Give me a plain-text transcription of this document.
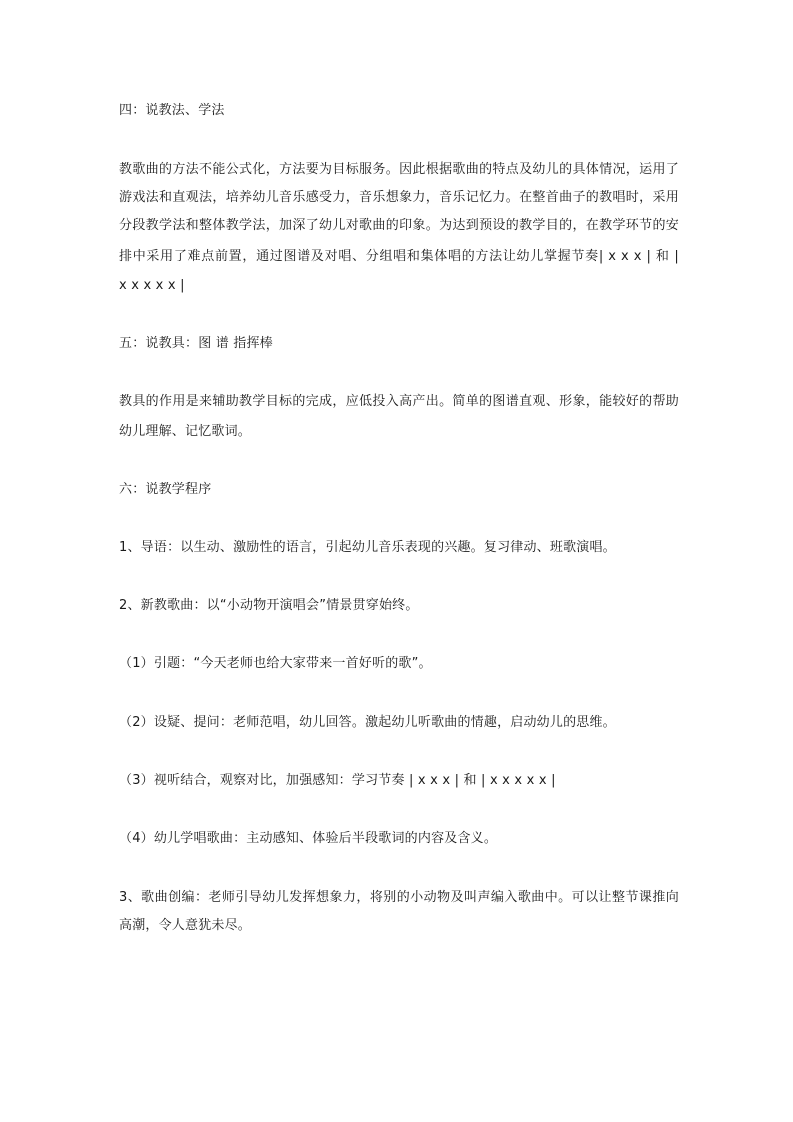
四：说教法、学法
教歌曲的方法不能公式化，方法要为目标服务。因此根据歌曲的特点及幼儿的具体情况，运用了
游戏法和直观法，培养幼儿音乐感受力，音乐想象力，音乐记忆力。在整首曲子的教唱时，采用
分段教学法和整体教学法，加深了幼儿对歌曲的印象。为达到预设的教学目的，在教学环节的安
排中采用了难点前置，通过图谱及对唱、分组唱和集体唱的方法让幼儿掌握节奏| x x x | 和 |
x x x x x |
五：说教具：图 谱 指挥棒
教具的作用是来辅助教学目标的完成，应低投入高产出。简单的图谱直观、形象，能较好的帮助
幼儿理解、记忆歌词。
六：说教学程序
1、导语：以生动、激励性的语言，引起幼儿音乐表现的兴趣。复习律动、班歌演唱。
2、新教歌曲：以“小动物开演唱会”情景贯穿始终。
（1）引题：“今天老师也给大家带来一首好听的歌”。
（2）设疑、提问：老师范唱，幼儿回答。激起幼儿听歌曲的情趣，启动幼儿的思维。
（3）视听结合，观察对比，加强感知：学习节奏 | x x x | 和 | x x x x x |
（4）幼儿学唱歌曲：主动感知、体验后半段歌词的内容及含义。
3、歌曲创编：老师引导幼儿发挥想象力，将别的小动物及叫声编入歌曲中。可以让整节课推向
高潮，令人意犹未尽。
